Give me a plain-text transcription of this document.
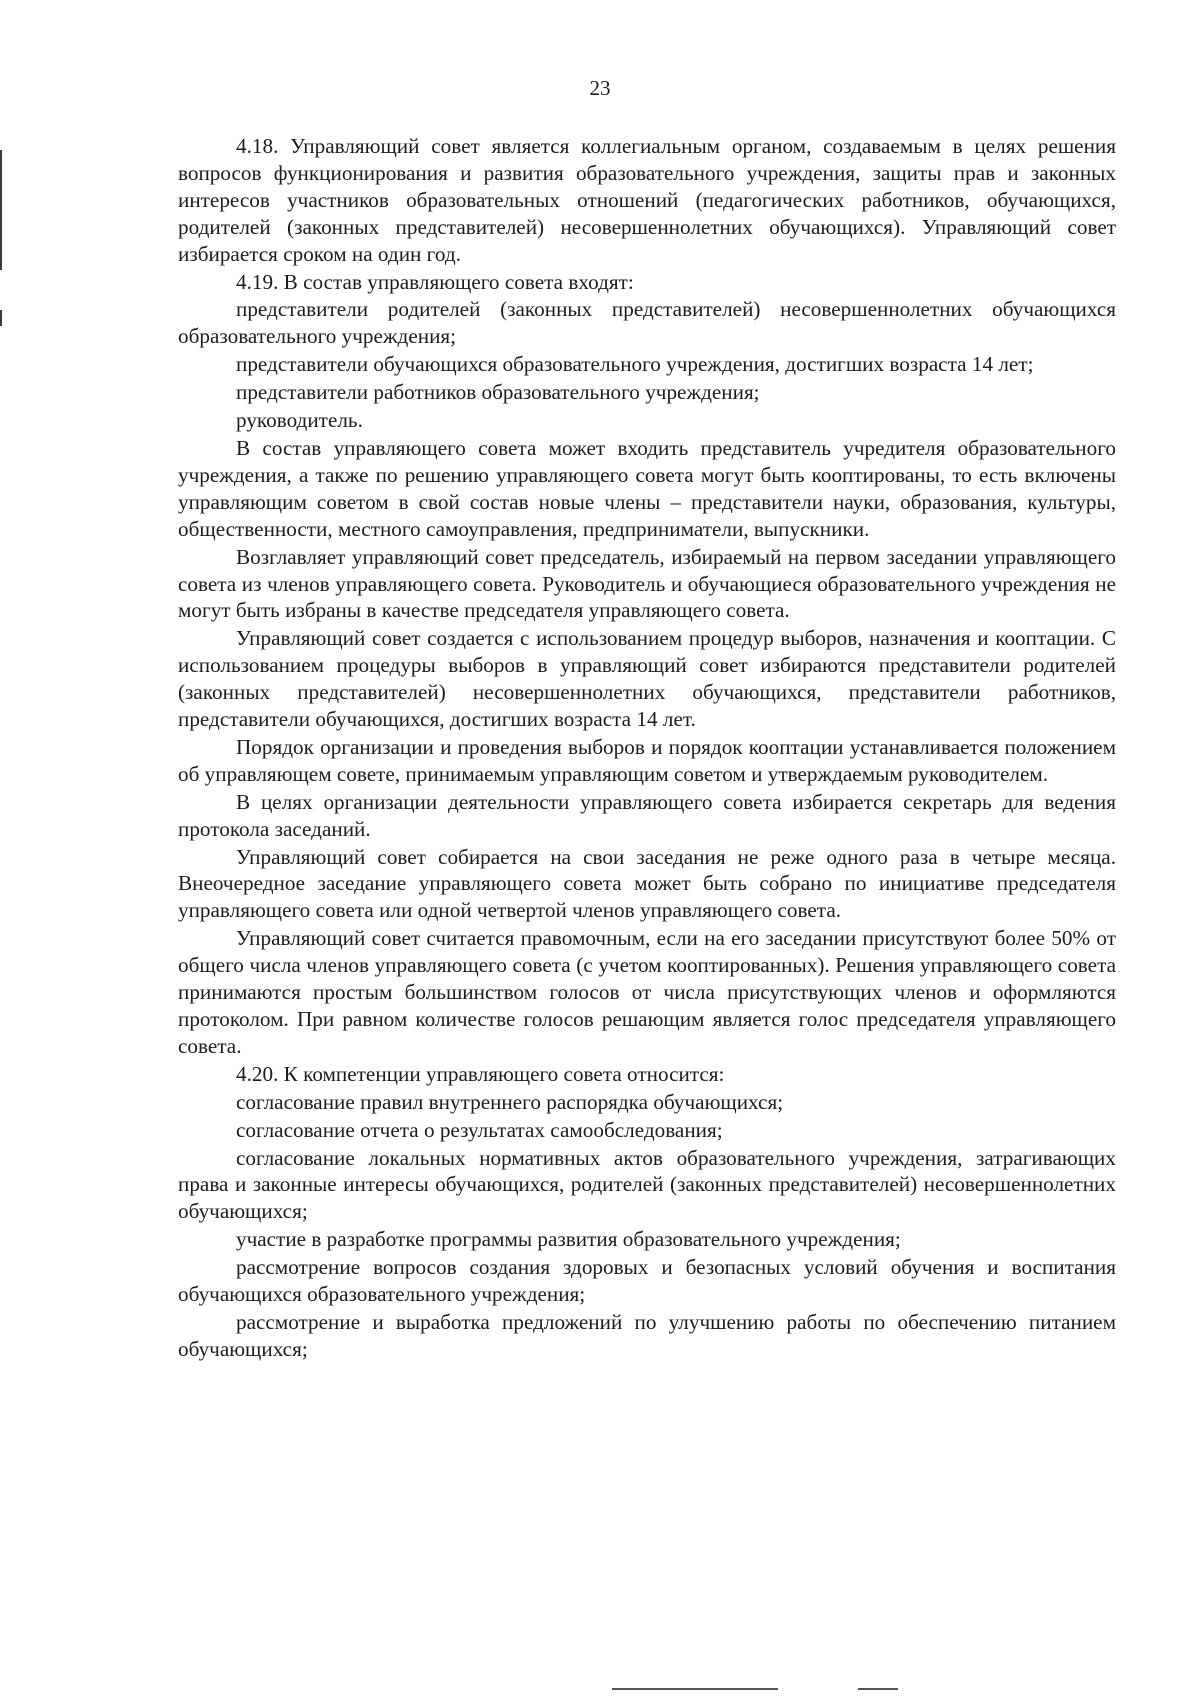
23

4.18. Управляющий совет является коллегиальным органом, создаваемым в целях решения вопросов функционирования и развития образовательного учреждения, защиты прав и законных интересов участников образовательных отношений (педагогических работников, обучающихся, родителей (законных представителей) несовершеннолетних обучающихся). Управляющий совет избирается сроком на один год.

4.19. В состав управляющего совета входят:

представители родителей (законных представителей) несовершеннолетних обучающихся образовательного учреждения;

представители обучающихся образовательного учреждения, достигших возраста 14 лет;

представители работников образовательного учреждения;

руководитель.

В состав управляющего совета может входить представитель учредителя образовательного учреждения, а также по решению управляющего совета могут быть кооптированы, то есть включены управляющим советом в свой состав новые члены – представители науки, образования, культуры, общественности, местного самоуправления, предприниматели, выпускники.

Возглавляет управляющий совет председатель, избираемый на первом заседании управляющего совета из членов управляющего совета. Руководитель и обучающиеся образовательного учреждения не могут быть избраны в качестве председателя управляющего совета.

Управляющий совет создается с использованием процедур выборов, назначения и кооптации. С использованием процедуры выборов в управляющий совет избираются представители родителей (законных представителей) несовершеннолетних обучающихся, представители работников, представители обучающихся, достигших возраста 14 лет.

Порядок организации и проведения выборов и порядок кооптации устанавливается положением об управляющем совете, принимаемым управляющим советом и утверждаемым руководителем.

В целях организации деятельности управляющего совета избирается секретарь для ведения протокола заседаний.

Управляющий совет собирается на свои заседания не реже одного раза в четыре месяца. Внеочередное заседание управляющего совета может быть собрано по инициативе председателя управляющего совета или одной четвертой членов управляющего совета.

Управляющий совет считается правомочным, если на его заседании присутствуют более 50% от общего числа членов управляющего совета (с учетом кооптированных). Решения управляющего совета принимаются простым большинством голосов от числа присутствующих членов и оформляются протоколом. При равном количестве голосов решающим является голос председателя управляющего совета.

4.20. К компетенции управляющего совета относится:

согласование правил внутреннего распорядка обучающихся;

согласование отчета о результатах самообследования;

согласование локальных нормативных актов образовательного учреждения, затрагивающих права и законные интересы обучающихся, родителей (законных представителей) несовершеннолетних обучающихся;

участие в разработке программы развития образовательного учреждения;

рассмотрение вопросов создания здоровых и безопасных условий обучения и воспитания обучающихся образовательного учреждения;

рассмотрение и выработка предложений по улучшению работы по обеспечению питанием обучающихся;
